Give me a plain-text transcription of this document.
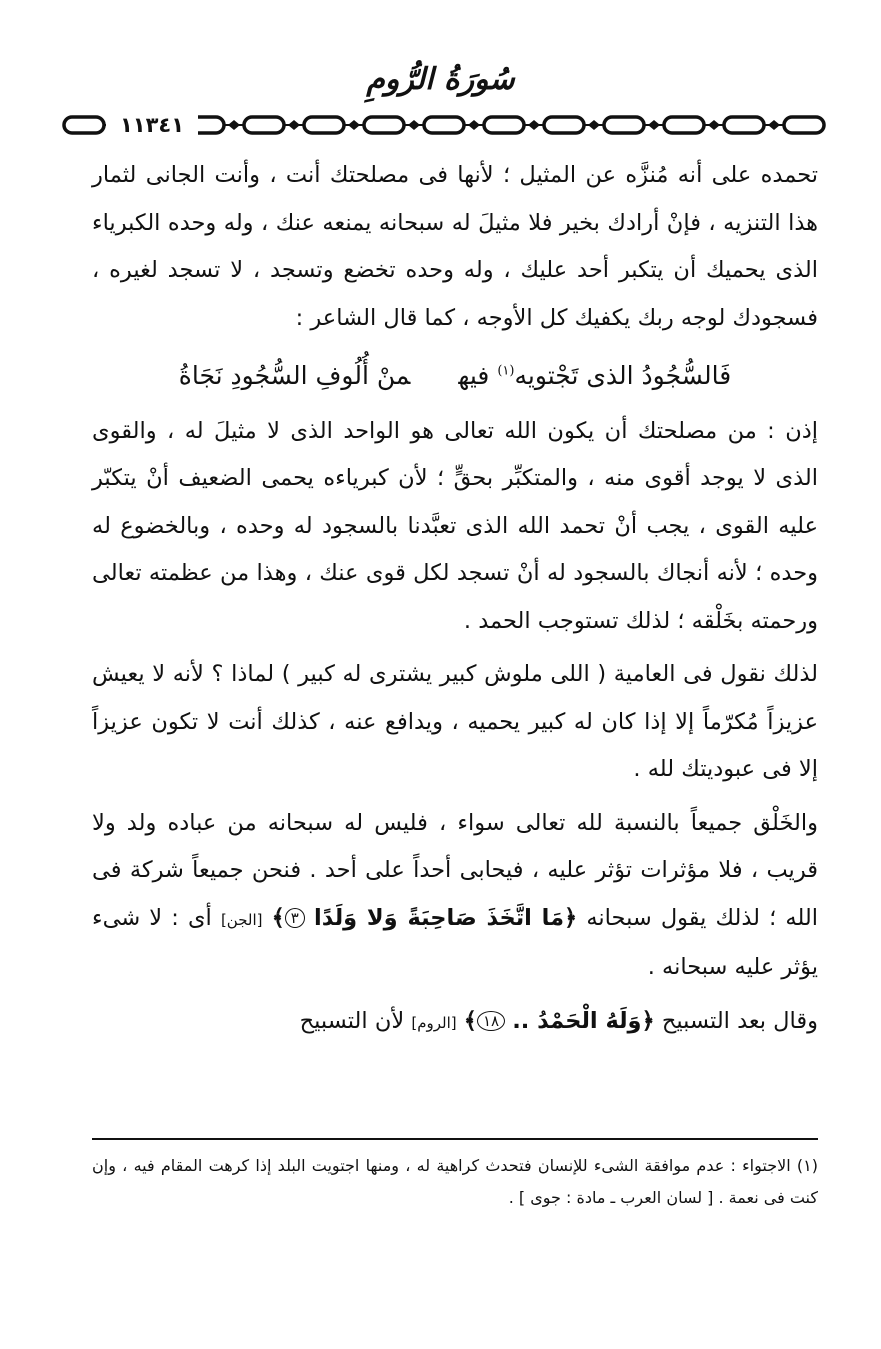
سُورَةُ الرُّومِ
١١٣٤١

تحمده على أنه مُنزَّه عن المثيل ؛ لأنها فى مصلحتك أنت ، وأنت الجانى لثمار هذا التنزيه ، فإنْ أرادك بخير فلا مثيلَ له سبحانه يمنعه عنك ، وله وحده الكبرياء الذى يحميك أن يتكبر أحد عليك ، وله وحده تخضع وتسجد ، لا تسجد لغيره ، فسجودك لوجه ربك يكفيك كل الأوجه ، كما قال الشاعر :

فَالسُّجُودُ الذى تَجْتويه$^{(١)}$ فيهمنْ أُلُوفِ السُّجُودِ نَجَاةُ

إذن : من مصلحتك أن يكون الله تعالى هو الواحد الذى لا مثيلَ له ، والقوى الذى لا يوجد أقوى منه ، والمتكبِّر بحقٍّ ؛ لأن كبرياءه يحمى الضعيف أنْ يتكبّر عليه القوى ، يجب أنْ تحمد الله الذى تعبَّدنا بالسجود له وحده ، وبالخضوع له وحده ؛ لأنه أنجاك بالسجود له أنْ تسجد لكل قوى عنك ، وهذا من عظمته تعالى ورحمته بخَلْقه ؛ لذلك تستوجب الحمد .

لذلك نقول فى العامية ( اللى ملوش كبير يشترى له كبير ) لماذا ؟ لأنه لا يعيش عزيزاً مُكرّماً إلا إذا كان له كبير يحميه ، ويدافع عنه ، كذلك أنت لا تكون عزيزاً إلا فى عبوديتك لله .

والخَلْق جميعاً بالنسبة لله تعالى سواء ، فليس له سبحانه من عباده ولد ولا قريب ، فلا مؤثرات تؤثر عليه ، فيحابى أحداً على أحد . فنحن جميعاً شركة فى الله ؛ لذلك يقول سبحانه ﴿مَا اتَّخَذَ صَاحِبَةً وَلا وَلَدًا ٣﴾ [الجن] أى : لا شىء يؤثر عليه سبحانه .

وقال بعد التسبيح ﴿وَلَهُ الْحَمْدُ .. ١٨﴾ [الروم] لأن التسبيح

(١) الاجتواء : عدم موافقة الشىء للإنسان فتحدث كراهية له ، ومنها اجتويت البلد إذا كرهت المقام فيه ، وإن كنت فى نعمة . [ لسان العرب ـ مادة : جوى ] .
